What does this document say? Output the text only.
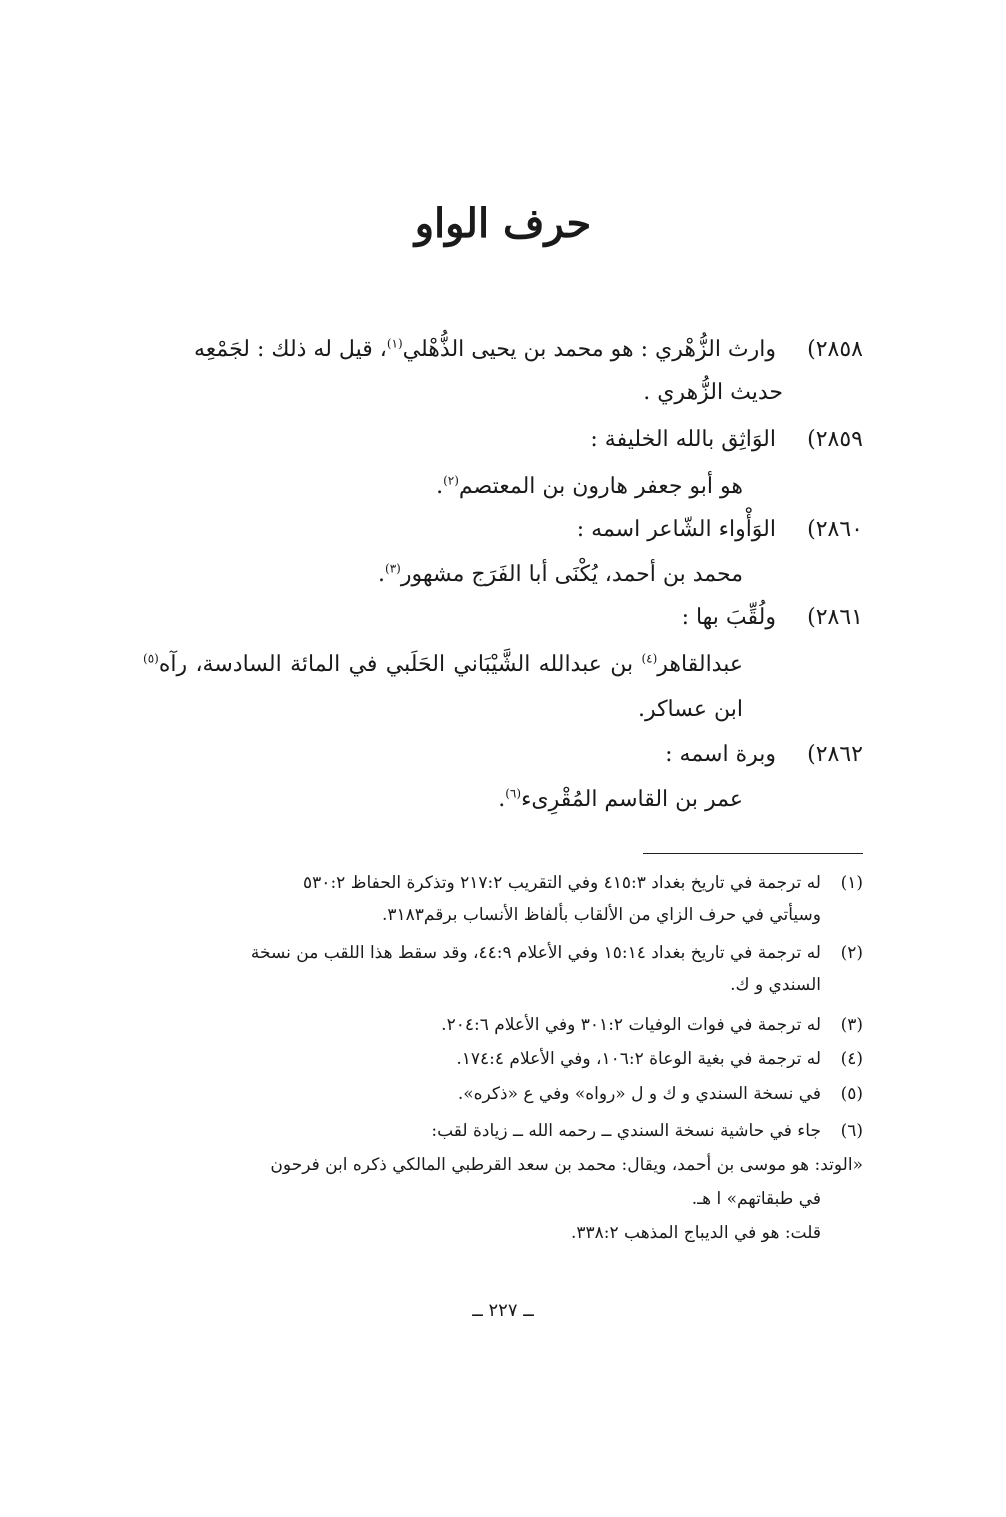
حرف الواو
٢٨٥٨) وارث الزُّهْري : هو محمد بن يحيى الذُّهْلي$^{(١)}$، قيل له ذلك : لجَمْعِه
حديث الزُّهري .
٢٨٥٩) الوَاثِق بالله الخليفة :
هو أبو جعفر هارون بن المعتصم$^{(٢)}$.
٢٨٦٠) الوَأْواء الشّاعر اسمه :
محمد بن أحمد، يُكْنَى أبا الفَرَج مشهور$^{(٣)}$.
٢٨٦١) ولُقِّبَ بها :
عبدالقاهر$^{(٤)}$ بن عبدالله الشَّيْبَاني الحَلَبي في المائة السادسة، رآه$^{(٥)}$
ابن عساكر.
٢٨٦٢) وبرة اسمه :
عمر بن القاسم المُقْرِىء$^{(٦)}$.
(١)
له ترجمة في تاريخ بغداد ٤١٥:٣ وفي التقريب ٢١٧:٢ وتذكرة الحفاظ ٥٣٠:٢
وسيأتي في حرف الزاي من الألقاب بألفاظ الأنساب برقم٣١٨٣.
(٢)
له ترجمة في تاريخ بغداد ١٥:١٤ وفي الأعلام ٤٤:٩، وقد سقط هذا اللقب من نسخة
السندي و ك.
(٣)
له ترجمة في فوات الوفيات ٣٠١:٢ وفي الأعلام ٢٠٤:٦.
(٤)
له ترجمة في بغية الوعاة ١٠٦:٢، وفي الأعلام ١٧٤:٤.
(٥)
في نسخة السندي و ك و ل «رواه» وفي ع «ذكره».
(٦)
جاء في حاشية نسخة السندي ــ رحمه الله ــ زيادة لقب:
«الوتد: هو موسى بن أحمد، ويقال: محمد بن سعد القرطبي المالكي ذكره ابن فرحون
في طبقاتهم» ا هـ.
قلت: هو في الديباج المذهب ٣٣٨:٢.
ــ ٢٢٧ ــ
